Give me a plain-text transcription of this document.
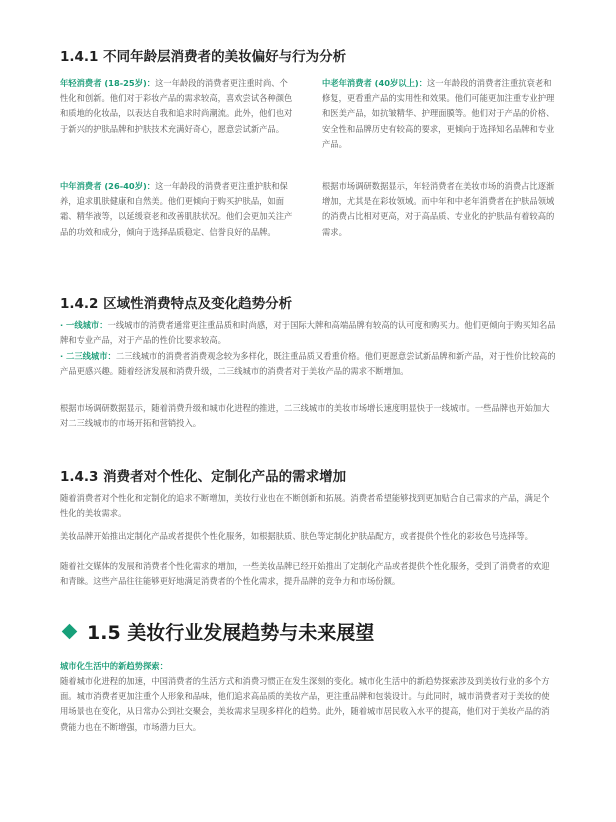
1.4.1 不同年龄层消费者的美妆偏好与行为分析

年轻消费者 (18-25岁)：这一年龄段的消费者更注重时尚、个性化和创新。他们对于彩妆产品的需求较高，喜欢尝试各种颜色和质地的化妆品，以表达自我和追求时尚潮流。此外，他们也对于新兴的护肤品牌和护肤技术充满好奇心，愿意尝试新产品。

中年消费者 (26-40岁)：这一年龄段的消费者更注重护肤和保养，追求肌肤健康和自然美。他们更倾向于购买护肤品，如面霜、精华液等，以延缓衰老和改善肌肤状况。他们会更加关注产品的功效和成分，倾向于选择品质稳定、信誉良好的品牌。

中老年消费者 (40岁以上)：这一年龄段的消费者注重抗衰老和修复，更看重产品的实用性和效果。他们可能更加注重专业护理和医美产品，如抗皱精华、护理面膜等。他们对于产品的价格、安全性和品牌历史有较高的要求，更倾向于选择知名品牌和专业产品。

根据市场调研数据显示，年轻消费者在美妆市场的消费占比逐渐增加，尤其是在彩妆领域。而中年和中老年消费者在护肤品领域的消费占比相对更高，对于高品质、专业化的护肤品有着较高的需求。

1.4.2 区域性消费特点及变化趋势分析

· 一线城市：一线城市的消费者通常更注重品质和时尚感，对于国际大牌和高端品牌有较高的认可度和购买力。他们更倾向于购买知名品牌和专业产品，对于产品的性价比要求较高。

· 二三线城市：二三线城市的消费者消费观念较为多样化，既注重品质又看重价格。他们更愿意尝试新品牌和新产品，对于性价比较高的产品更感兴趣。随着经济发展和消费升级，二三线城市的消费者对于美妆产品的需求不断增加。

根据市场调研数据显示，随着消费升级和城市化进程的推进，二三线城市的美妆市场增长速度明显快于一线城市。一些品牌也开始加大对二三线城市的市场开拓和营销投入。

1.4.3 消费者对个性化、定制化产品的需求增加

随着消费者对个性化和定制化的追求不断增加，美妆行业也在不断创新和拓展。消费者希望能够找到更加贴合自己需求的产品，满足个性化的美妆需求。

美妆品牌开始推出定制化产品或者提供个性化服务，如根据肤质、肤色等定制化护肤品配方，或者提供个性化的彩妆色号选择等。

随着社交媒体的发展和消费者个性化需求的增加，一些美妆品牌已经开始推出了定制化产品或者提供个性化服务，受到了消费者的欢迎和青睐。这些产品往往能够更好地满足消费者的个性化需求，提升品牌的竞争力和市场份额。

1.5 美妆行业发展趋势与未来展望

城市化生活中的新趋势探索：

随着城市化进程的加速，中国消费者的生活方式和消费习惯正在发生深刻的变化。城市化生活中的新趋势探索涉及到美妆行业的多个方面。城市消费者更加注重个人形象和品味，他们追求高品质的美妆产品，更注重品牌和包装设计。与此同时，城市消费者对于美妆的使用场景也在变化，从日常办公到社交聚会，美妆需求呈现多样化的趋势。此外，随着城市居民收入水平的提高，他们对于美妆产品的消费能力也在不断增强，市场潜力巨大。
